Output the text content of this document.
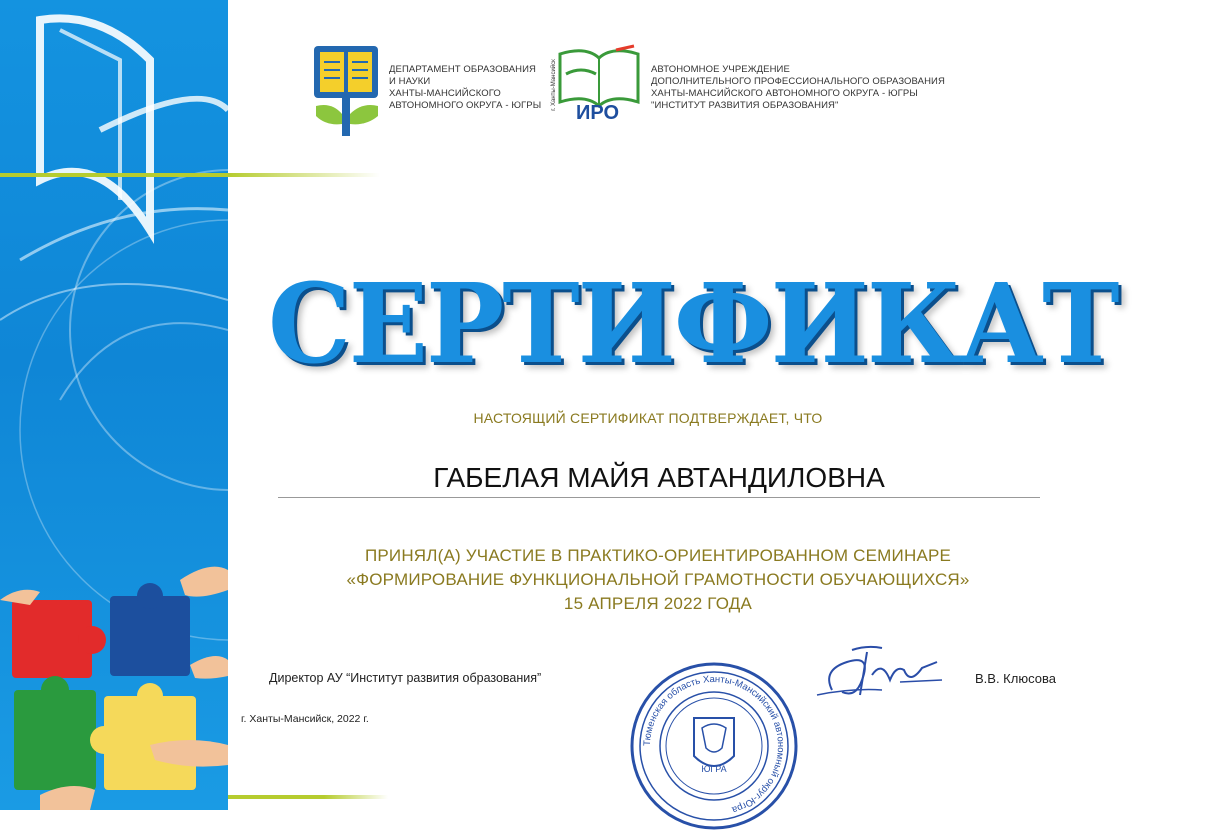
ДЕПАРТАМЕНТ ОБРАЗОВАНИЯ
И НАУКИ
ХАНТЫ-МАНСИЙСКОГО
АВТОНОМНОГО ОКРУГА - ЮГРЫ ИРО
г. Ханты-Мансийск	АВТОНОМНОЕ УЧРЕЖДЕНИЕ
ДОПОЛНИТЕЛЬНОГО ПРОФЕССИОНАЛЬНОГО ОБРАЗОВАНИЯ
ХАНТЫ-МАНСИЙСКОГО АВТОНОМНОГО ОКРУГА - ЮГРЫ
"ИНСТИТУТ РАЗВИТИЯ ОБРАЗОВАНИЯ"
СЕРТИФИКАТ
НАСТОЯЩИЙ СЕРТИФИКАТ ПОДТВЕРЖДАЕТ, ЧТО
ГАБЕЛАЯ МАЙЯ АВТАНДИЛОВНА
ПРИНЯЛ(А) УЧАСТИЕ В ПРАКТИКО-ОРИЕНТИРОВАННОМ СЕМИНАРЕ
«ФОРМИРОВАНИЕ ФУНКЦИОНАЛЬНОЙ ГРАМОТНОСТИ ОБУЧАЮЩИХСЯ»
15 АПРЕЛЯ 2022 ГОДА
Директор АУ “Институт развития образования”	В.В. Клюсова
г. Ханты-Мансийск, 2022 г.
Тюменская область Ханты-Мансийский автономный округ-Югра
ЮГРА
